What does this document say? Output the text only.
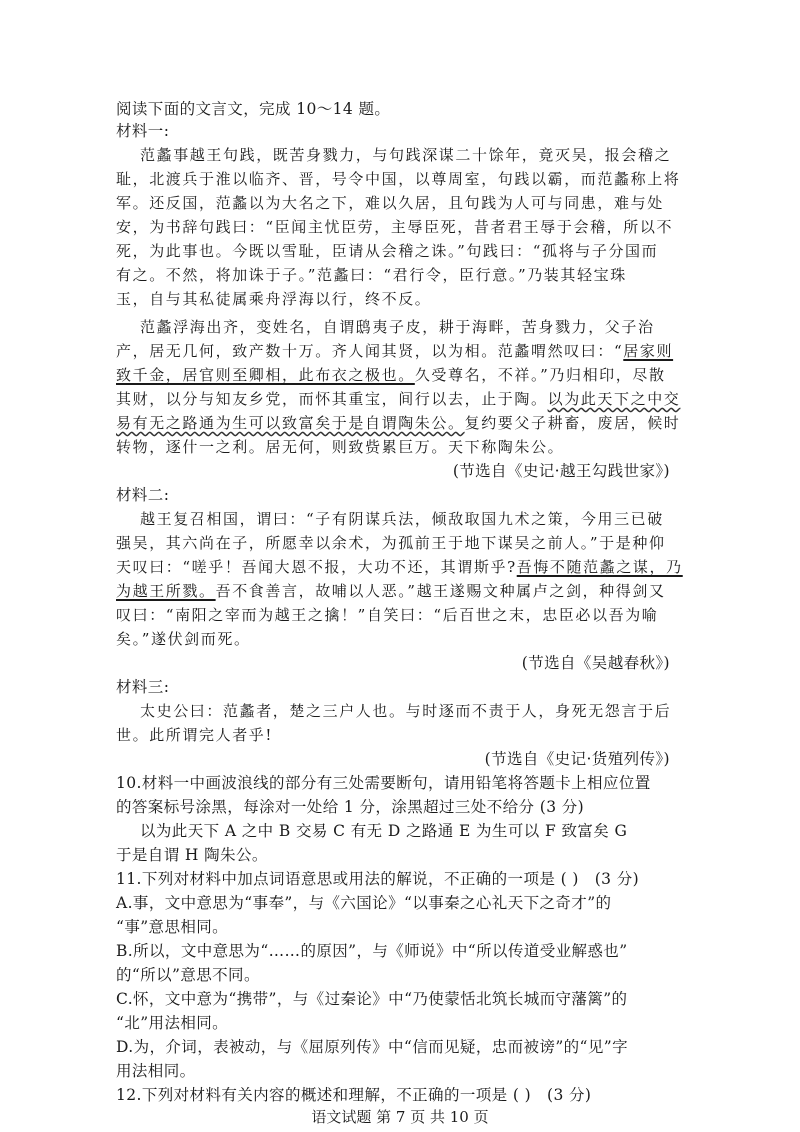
阅读下面的文言文，完成 10～14 题。
材料一:
范蠡事越王句践，既苦身戮力，与句践深谋二十馀年，竟灭吴，报会稽之
耻，北渡兵于淮以临齐、晋，号令中国，以尊周室，句践以霸，而范蠡称上将
军。还反国，范蠡以为大名之下，难以久居，且句践为人可与同患，难与处
安，为书辞句践曰：“臣闻主忧臣劳，主辱臣死，昔者君王辱于会稽，所以不
死，为此事也。今既以雪耻，臣请从会稽之诛。”句践曰：“孤将与子分国而
有之。不然，将加诛于子。”范蠡曰：“君行令，臣行意。”乃装其轻宝珠
玉，自与其私徒属乘舟浮海以行，终不反。
范蠡浮海出齐，变姓名，自谓鸱夷子皮，耕于海畔，苦身戮力，父子治
产，居无几何，致产数十万。齐人闻其贤，以为相。范蠡喟然叹曰：“居家则
致千金，居官则至卿相，此布衣之极也。久受尊名，不祥。”乃归相印，尽散
其财，以分与知友乡党，而怀其重宝，间行以去，止于陶。以为此天下之中交
易有无之路通为生可以致富矣于是自谓陶朱公。复约要父子耕畜，废居，候时
转物，逐什一之利。居无何，则致赀累巨万。天下称陶朱公。
(节选自《史记·越王勾践世家》)
材料二:
越王复召相国，谓曰：“子有阴谋兵法，倾敌取国九术之策，今用三已破
强吴，其六尚在子，所愿幸以余术，为孤前王于地下谋吴之前人。”于是种仰
天叹曰：“嗟乎！吾闻大恩不报，大功不还，其谓斯乎?吾悔不随范蠡之谋，乃
为越王所戮。吾不食善言，故哺以人恶。”越王遂赐文种属卢之剑，种得剑又
叹曰：“南阳之宰而为越王之擒！”自笑曰：“后百世之末，忠臣必以吾为喻
矣。”遂伏剑而死。
(节选自《吴越春秋》)
材料三:
太史公曰：范蠡者，楚之三户人也。与时逐而不责于人，身死无怨言于后
世。此所谓完人者乎!
(节选自《史记·货殖列传》)
10.材料一中画波浪线的部分有三处需要断句，请用铅笔将答题卡上相应位置
的答案标号涂黑，每涂对一处给 1 分，涂黑超过三处不给分 (3 分)
以为此天下 A 之中 B 交易 C 有无 D 之路通 E 为生可以 F 致富矣 G
于是自谓 H 陶朱公。
11.下列对材料中加点词语意思或用法的解说，不正确的一项是 ( )　(3 分)
A.事，文中意思为“事奉”，与《六国论》“以事秦之心礼天下之奇才”的
“事”意思相同。
B.所以，文中意思为“……的原因”，与《师说》中“所以传道受业解惑也”
的“所以”意思不同。
C.怀，文中意为“携带”，与《过秦论》中“乃使蒙恬北筑长城而守藩篱”的
“北”用法相同。
D.为，介词，表被动，与《屈原列传》中“信而见疑，忠而被谤”的“见”字
用法相同。
12.下列对材料有关内容的概述和理解，不正确的一项是 ( )　(3 分)
语文试题 第 7 页 共 10 页
